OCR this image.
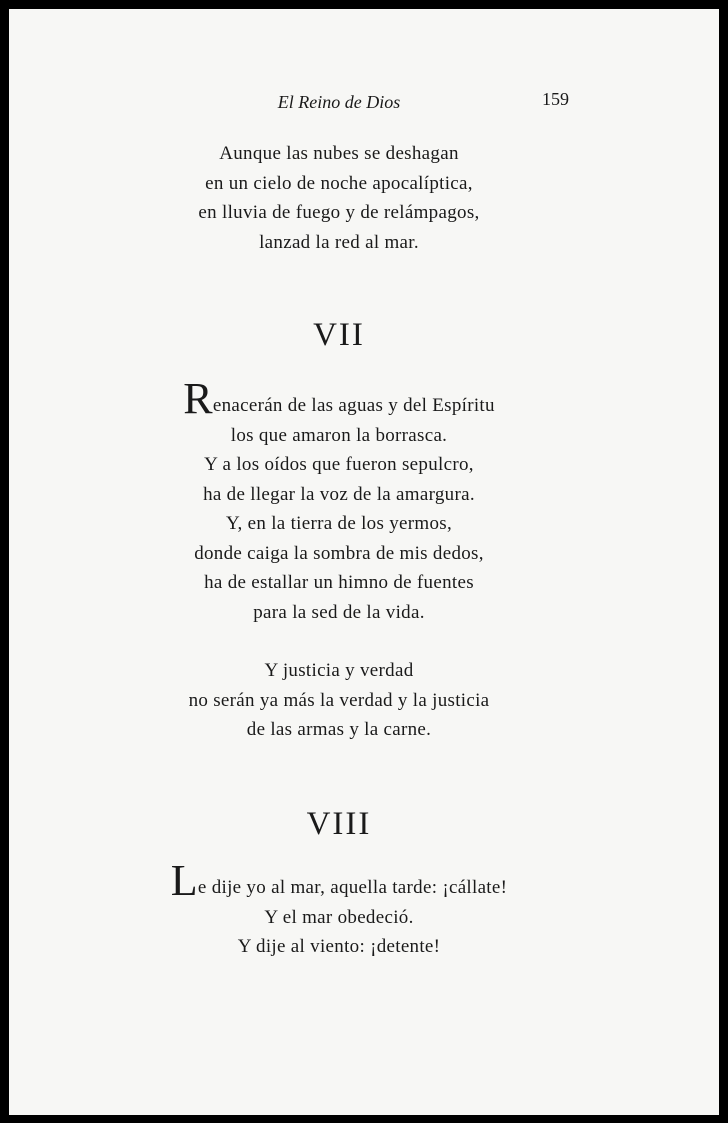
El Reino de Dios	159
Aunque las nubes se deshagan
en un cielo de noche apocalíptica,
en lluvia de fuego y de relámpagos,
lanzad la red al mar.
VII
Renacerán de las aguas y del Espíritu
los que amaron la borrasca.
Y a los oídos que fueron sepulcro,
ha de llegar la voz de la amargura.
Y, en la tierra de los yermos,
donde caiga la sombra de mis dedos,
ha de estallar un himno de fuentes
para la sed de la vida.
Y justicia y verdad
no serán ya más la verdad y la justicia
de las armas y la carne.
VIII
Le dije yo al mar, aquella tarde: ¡cállate!
Y el mar obedeció.
Y dije al viento: ¡detente!
